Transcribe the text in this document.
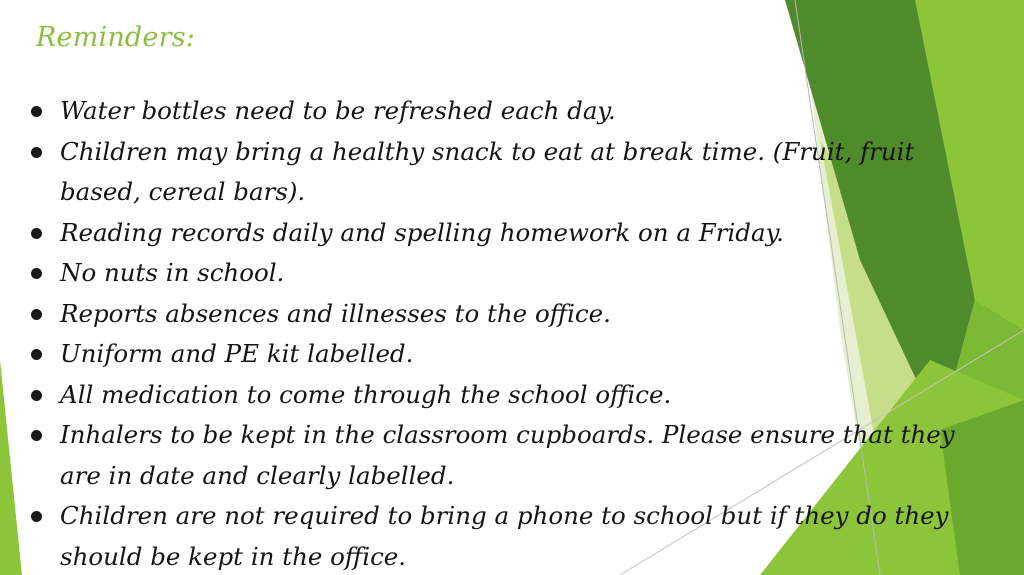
Reminders:
Water bottles need to be refreshed each day.
Children may bring a healthy snack to eat at break time. (Fruit, fruit based, cereal bars).
Reading records daily and spelling homework on a Friday.
No nuts in school.
Reports absences and illnesses to the office.
Uniform and PE kit labelled.
All medication to come through the school office.
Inhalers to be kept in the classroom cupboards. Please ensure that they are in date and clearly labelled.
Children are not required to bring a phone to school but if they do they should be kept in the office.
